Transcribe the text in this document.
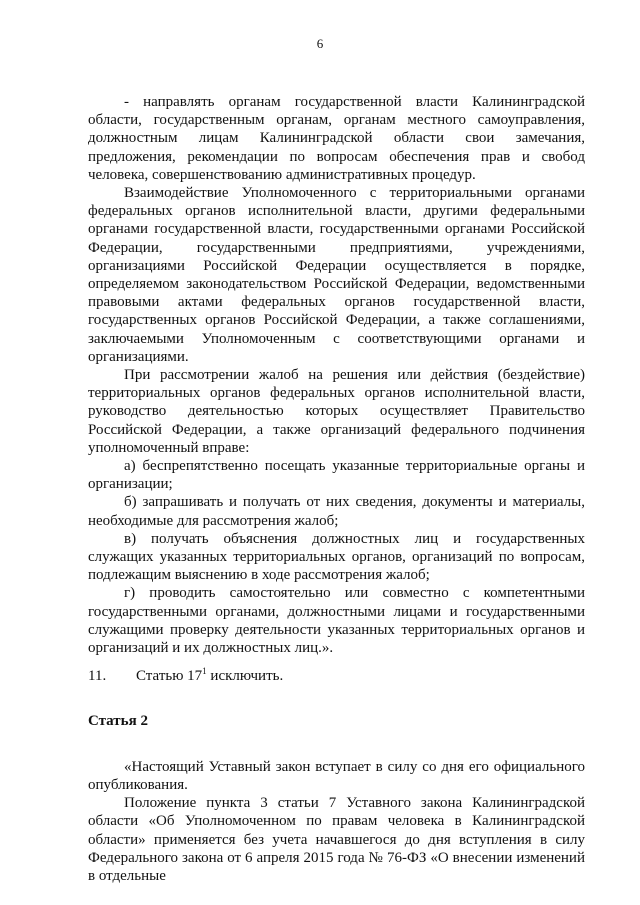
6

- направлять органам государственной власти Калининградской области, государственным органам, органам местного самоуправления, должностным лицам Калининградской области свои замечания, предложения, рекомендации по вопросам обеспечения прав и свобод человека, совершенствованию административных процедур.

Взаимодействие Уполномоченного с территориальными органами федеральных органов исполнительной власти, другими федеральными органами государственной власти, государственными органами Российской Федерации, государственными предприятиями, учреждениями, организациями Российской Федерации осуществляется в порядке, определяемом законодательством Российской Федерации, ведомственными правовыми актами федеральных органов государственной власти, государственных органов Российской Федерации, а также соглашениями, заключаемыми Уполномоченным с соответствующими органами и организациями.

При рассмотрении жалоб на решения или действия (бездействие) территориальных органов федеральных органов исполнительной власти, руководство деятельностью которых осуществляет Правительство Российской Федерации, а также организаций федерального подчинения уполномоченный вправе:

а) беспрепятственно посещать указанные территориальные органы и организации;

б) запрашивать и получать от них сведения, документы и материалы, необходимые для рассмотрения жалоб;

в) получать объяснения должностных лиц и государственных служащих указанных территориальных органов, организаций по вопросам, подлежащим выяснению в ходе рассмотрения жалоб;

г) проводить самостоятельно или совместно с компетентными государственными органами, должностными лицами и государственными служащими проверку деятельности указанных территориальных органов и организаций и их должностных лиц.».

11. Статью $17^1$ исключить.

Статья 2

«Настоящий Уставный закон вступает в силу со дня его официального опубликования.

Положение пункта 3 статьи 7 Уставного закона Калининградской области «Об Уполномоченном по правам человека в Калининградской области» применяется без учета начавшегося до дня вступления в силу Федерального закона от 6 апреля 2015 года № 76-ФЗ «О внесении изменений в отдельные
